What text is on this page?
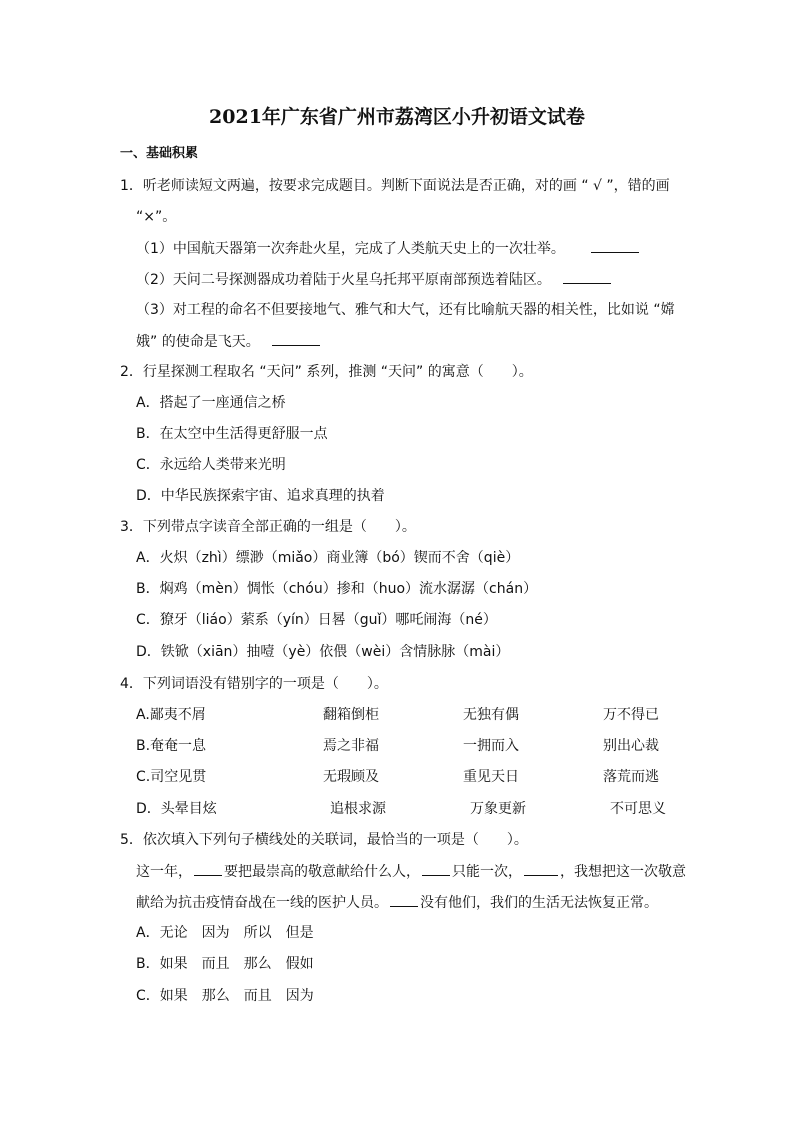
2021年广东省广州市荔湾区小升初语文试卷
一、基础积累
1．听老师读短文两遍，按要求完成题目。判断下面说法是否正确，对的画 “ √ ”，错的画
“×”。
（1）中国航天器第一次奔赴火星，完成了人类航天史上的一次壮举。
（2）天问二号探测器成功着陆于火星乌托邦平原南部预选着陆区。
（3）对工程的命名不但要接地气、雅气和大气，还有比喻航天器的相关性，比如说 “嫦
娥” 的使命是飞天。
2．行星探测工程取名 “天问” 系列，推测 “天问” 的寓意（　　）。
A．搭起了一座通信之桥
B．在太空中生活得更舒服一点
C．永远给人类带来光明
D．中华民族探索宇宙、追求真理的执着
3．下列带点字读音全部正确的一组是（　　）。
A．火炽（zhì）缥渺（miǎo）商业簿（bó）锲而不舍（qiè）
B．焖鸡（mèn）惆怅（chóu）掺和（huo）流水潺潺（chán）
C．獠牙（liáo）萦系（yín）日晷（guǐ）哪吒闹海（né）
D．铁锨（xiān）抽噎（yè）依偎（wèi）含情脉脉（mài）
4．下列词语没有错别字的一项是（　　）。
A.鄙夷不屑	翻箱倒柜	无独有偶	万不得已
B.奄奄一息	焉之非福	一拥而入	别出心裁
C.司空见贯	无瑕顾及	重见天日	落荒而逃
D．头晕目炫	追根求源	万象更新	不可思义
5．依次填入下列句子横线处的关联词，最恰当的一项是（　　）。
这一年， 要把最崇高的敬意献给什么人， 只能一次，	，我想把这一次敬意
献给为抗击疫情奋战在一线的医护人员。 没有他们，我们的生活无法恢复正常。
A．无论　因为　所以　但是
B．如果　而且　那么　假如
C．如果　那么　而且　因为
